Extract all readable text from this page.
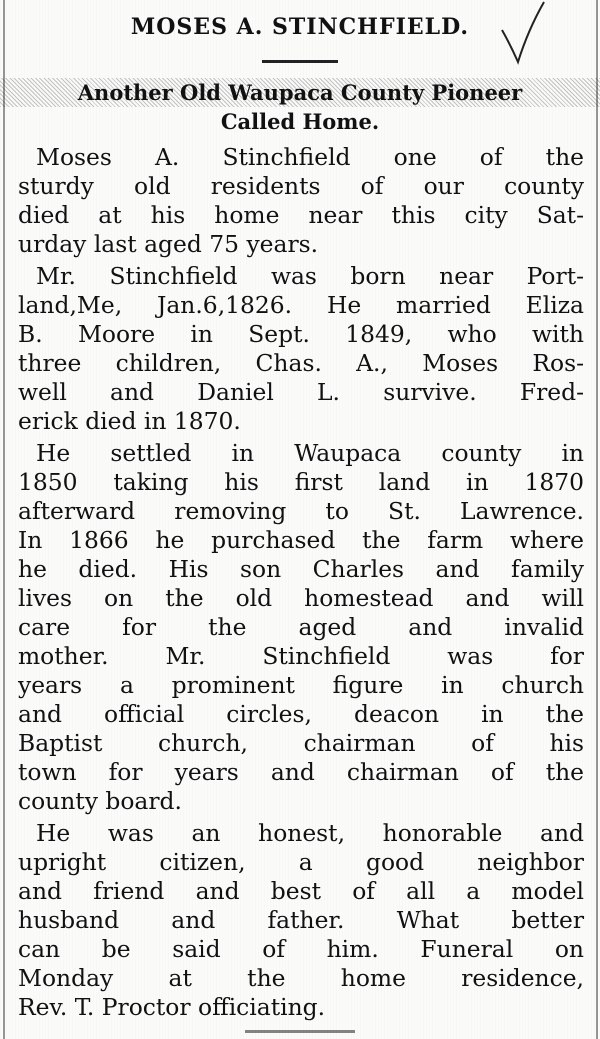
MOSES A. STINCHFIELD.
Another Old Waupaca County Pioneer
Called Home.
Moses A. Stinchfield one of the
sturdy old residents of our county
died at his home near this city Sat-
urday last aged 75 years.
Mr. Stinchfield was born near Port-
land,Me, Jan.6,1826. He married Eliza
B. Moore in Sept. 1849, who with
three children, Chas. A., Moses Ros-
well and Daniel L. survive. Fred-
erick died in 1870.
He settled in Waupaca county in
1850 taking his first land in 1870
afterward removing to St. Lawrence.
In 1866 he purchased the farm where
he died. His son Charles and family
lives on the old homestead and will
care for the aged and invalid
mother. Mr. Stinchfield was for
years a prominent figure in church
and official circles, deacon in the
Baptist church, chairman of his
town for years and chairman of the
county board.
He was an honest, honorable and
upright citizen, a good neighbor
and friend and best of all a model
husband and father. What better
can be said of him. Funeral on
Monday at the home residence,
Rev. T. Proctor officiating.
